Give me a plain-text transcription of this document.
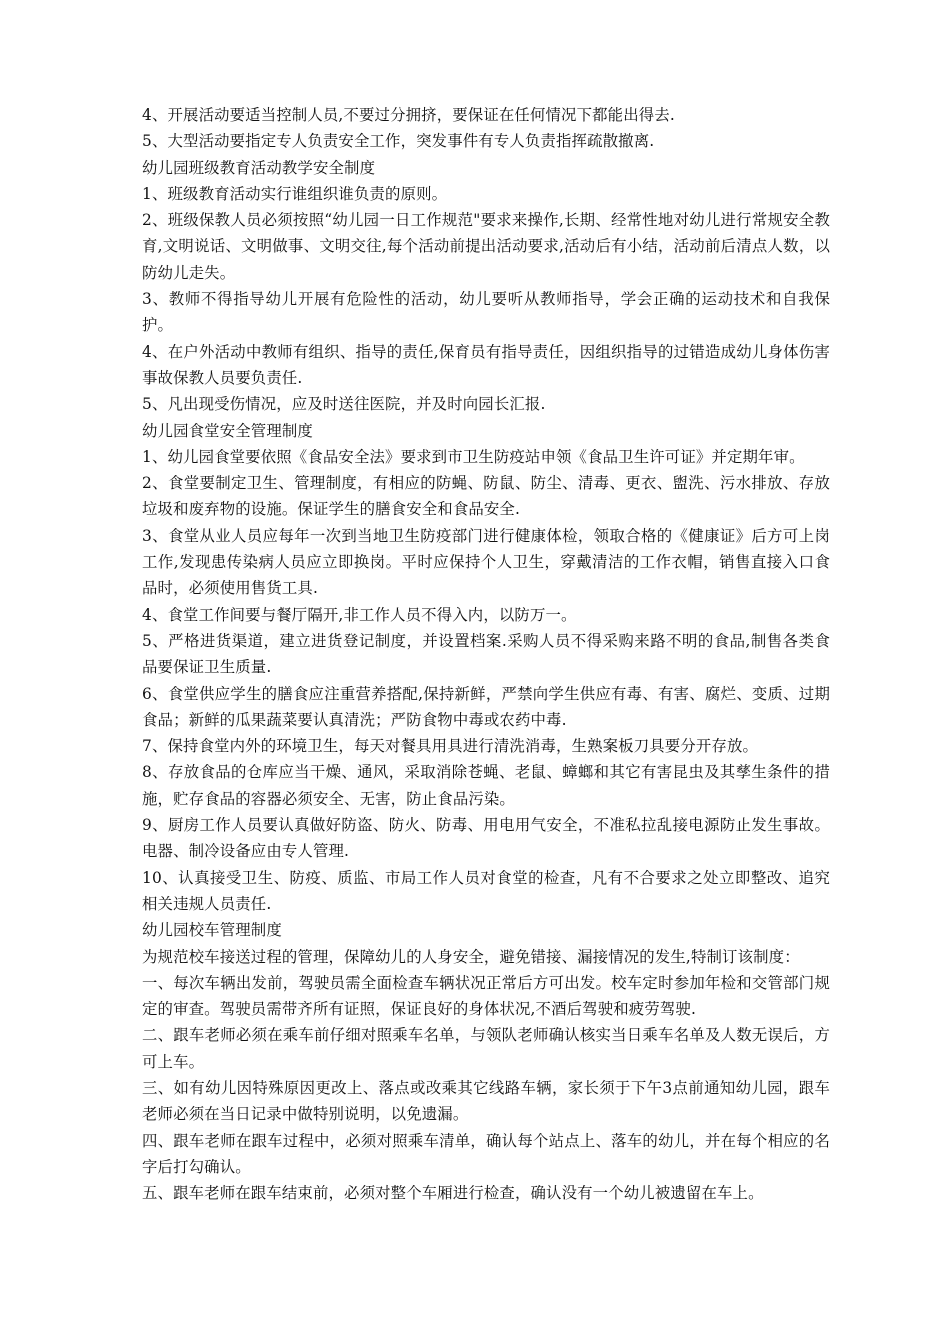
4、开展活动要适当控制人员,不要过分拥挤，要保证在任何情况下都能出得去.

5、大型活动要指定专人负责安全工作，突发事件有专人负责指挥疏散撤离.

幼儿园班级教育活动教学安全制度

1、班级教育活动实行谁组织谁负责的原则。

2、班级保教人员必须按照“幼儿园一日工作规范"要求来操作,长期、经常性地对幼儿进行常规安全教育,文明说话、文明做事、文明交往,每个活动前提出活动要求,活动后有小结，活动前后清点人数，以防幼儿走失。

3、教师不得指导幼儿开展有危险性的活动，幼儿要听从教师指导，学会正确的运动技术和自我保护。

4、在户外活动中教师有组织、指导的责任,保育员有指导责任，因组织指导的过错造成幼儿身体伤害事故保教人员要负责任.

5、凡出现受伤情况，应及时送往医院，并及时向园长汇报.

幼儿园食堂安全管理制度

1、幼儿园食堂要依照《食品安全法》要求到市卫生防疫站申领《食品卫生许可证》并定期年审。

2、食堂要制定卫生、管理制度，有相应的防蝇、防鼠、防尘、清毒、更衣、盥洗、污水排放、存放垃圾和废弃物的设施。保证学生的膳食安全和食品安全.

3、食堂从业人员应每年一次到当地卫生防疫部门进行健康体检，领取合格的《健康证》后方可上岗工作,发现患传染病人员应立即换岗。平时应保持个人卫生，穿戴清洁的工作衣帽，销售直接入口食品时，必须使用售货工具.

4、食堂工作间要与餐厅隔开,非工作人员不得入内，以防万一。

5、严格进货渠道，建立进货登记制度，并设置档案.采购人员不得采购来路不明的食品,制售各类食品要保证卫生质量.

6、食堂供应学生的膳食应注重营养搭配,保持新鲜，严禁向学生供应有毒、有害、腐烂、变质、过期食品；新鲜的瓜果蔬菜要认真清洗；严防食物中毒或农药中毒.

7、保持食堂内外的环境卫生，每天对餐具用具进行清洗消毒，生熟案板刀具要分开存放。

8、存放食品的仓库应当干燥、通风，采取消除苍蝇、老鼠、蟑螂和其它有害昆虫及其孳生条件的措施，贮存食品的容器必须安全、无害，防止食品污染。

9、厨房工作人员要认真做好防盗、防火、防毒、用电用气安全，不准私拉乱接电源防止发生事故。电器、制冷设备应由专人管理.

10、认真接受卫生、防疫、质监、市局工作人员对食堂的检查，凡有不合要求之处立即整改、追究相关违规人员责任.

幼儿园校车管理制度

为规范校车接送过程的管理，保障幼儿的人身安全，避免错接、漏接情况的发生,特制订该制度：

一、每次车辆出发前，驾驶员需全面检查车辆状况正常后方可出发。校车定时参加年检和交管部门规定的审查。驾驶员需带齐所有证照，保证良好的身体状况,不酒后驾驶和疲劳驾驶.

二、跟车老师必须在乘车前仔细对照乘车名单，与领队老师确认核实当日乘车名单及人数无误后，方可上车。

三、如有幼儿因特殊原因更改上、落点或改乘其它线路车辆，家长须于下午3点前通知幼儿园，跟车老师必须在当日记录中做特别说明，以免遗漏。

四、跟车老师在跟车过程中，必须对照乘车清单，确认每个站点上、落车的幼儿，并在每个相应的名字后打勾确认。

五、跟车老师在跟车结束前，必须对整个车厢进行检查，确认没有一个幼儿被遗留在车上。
